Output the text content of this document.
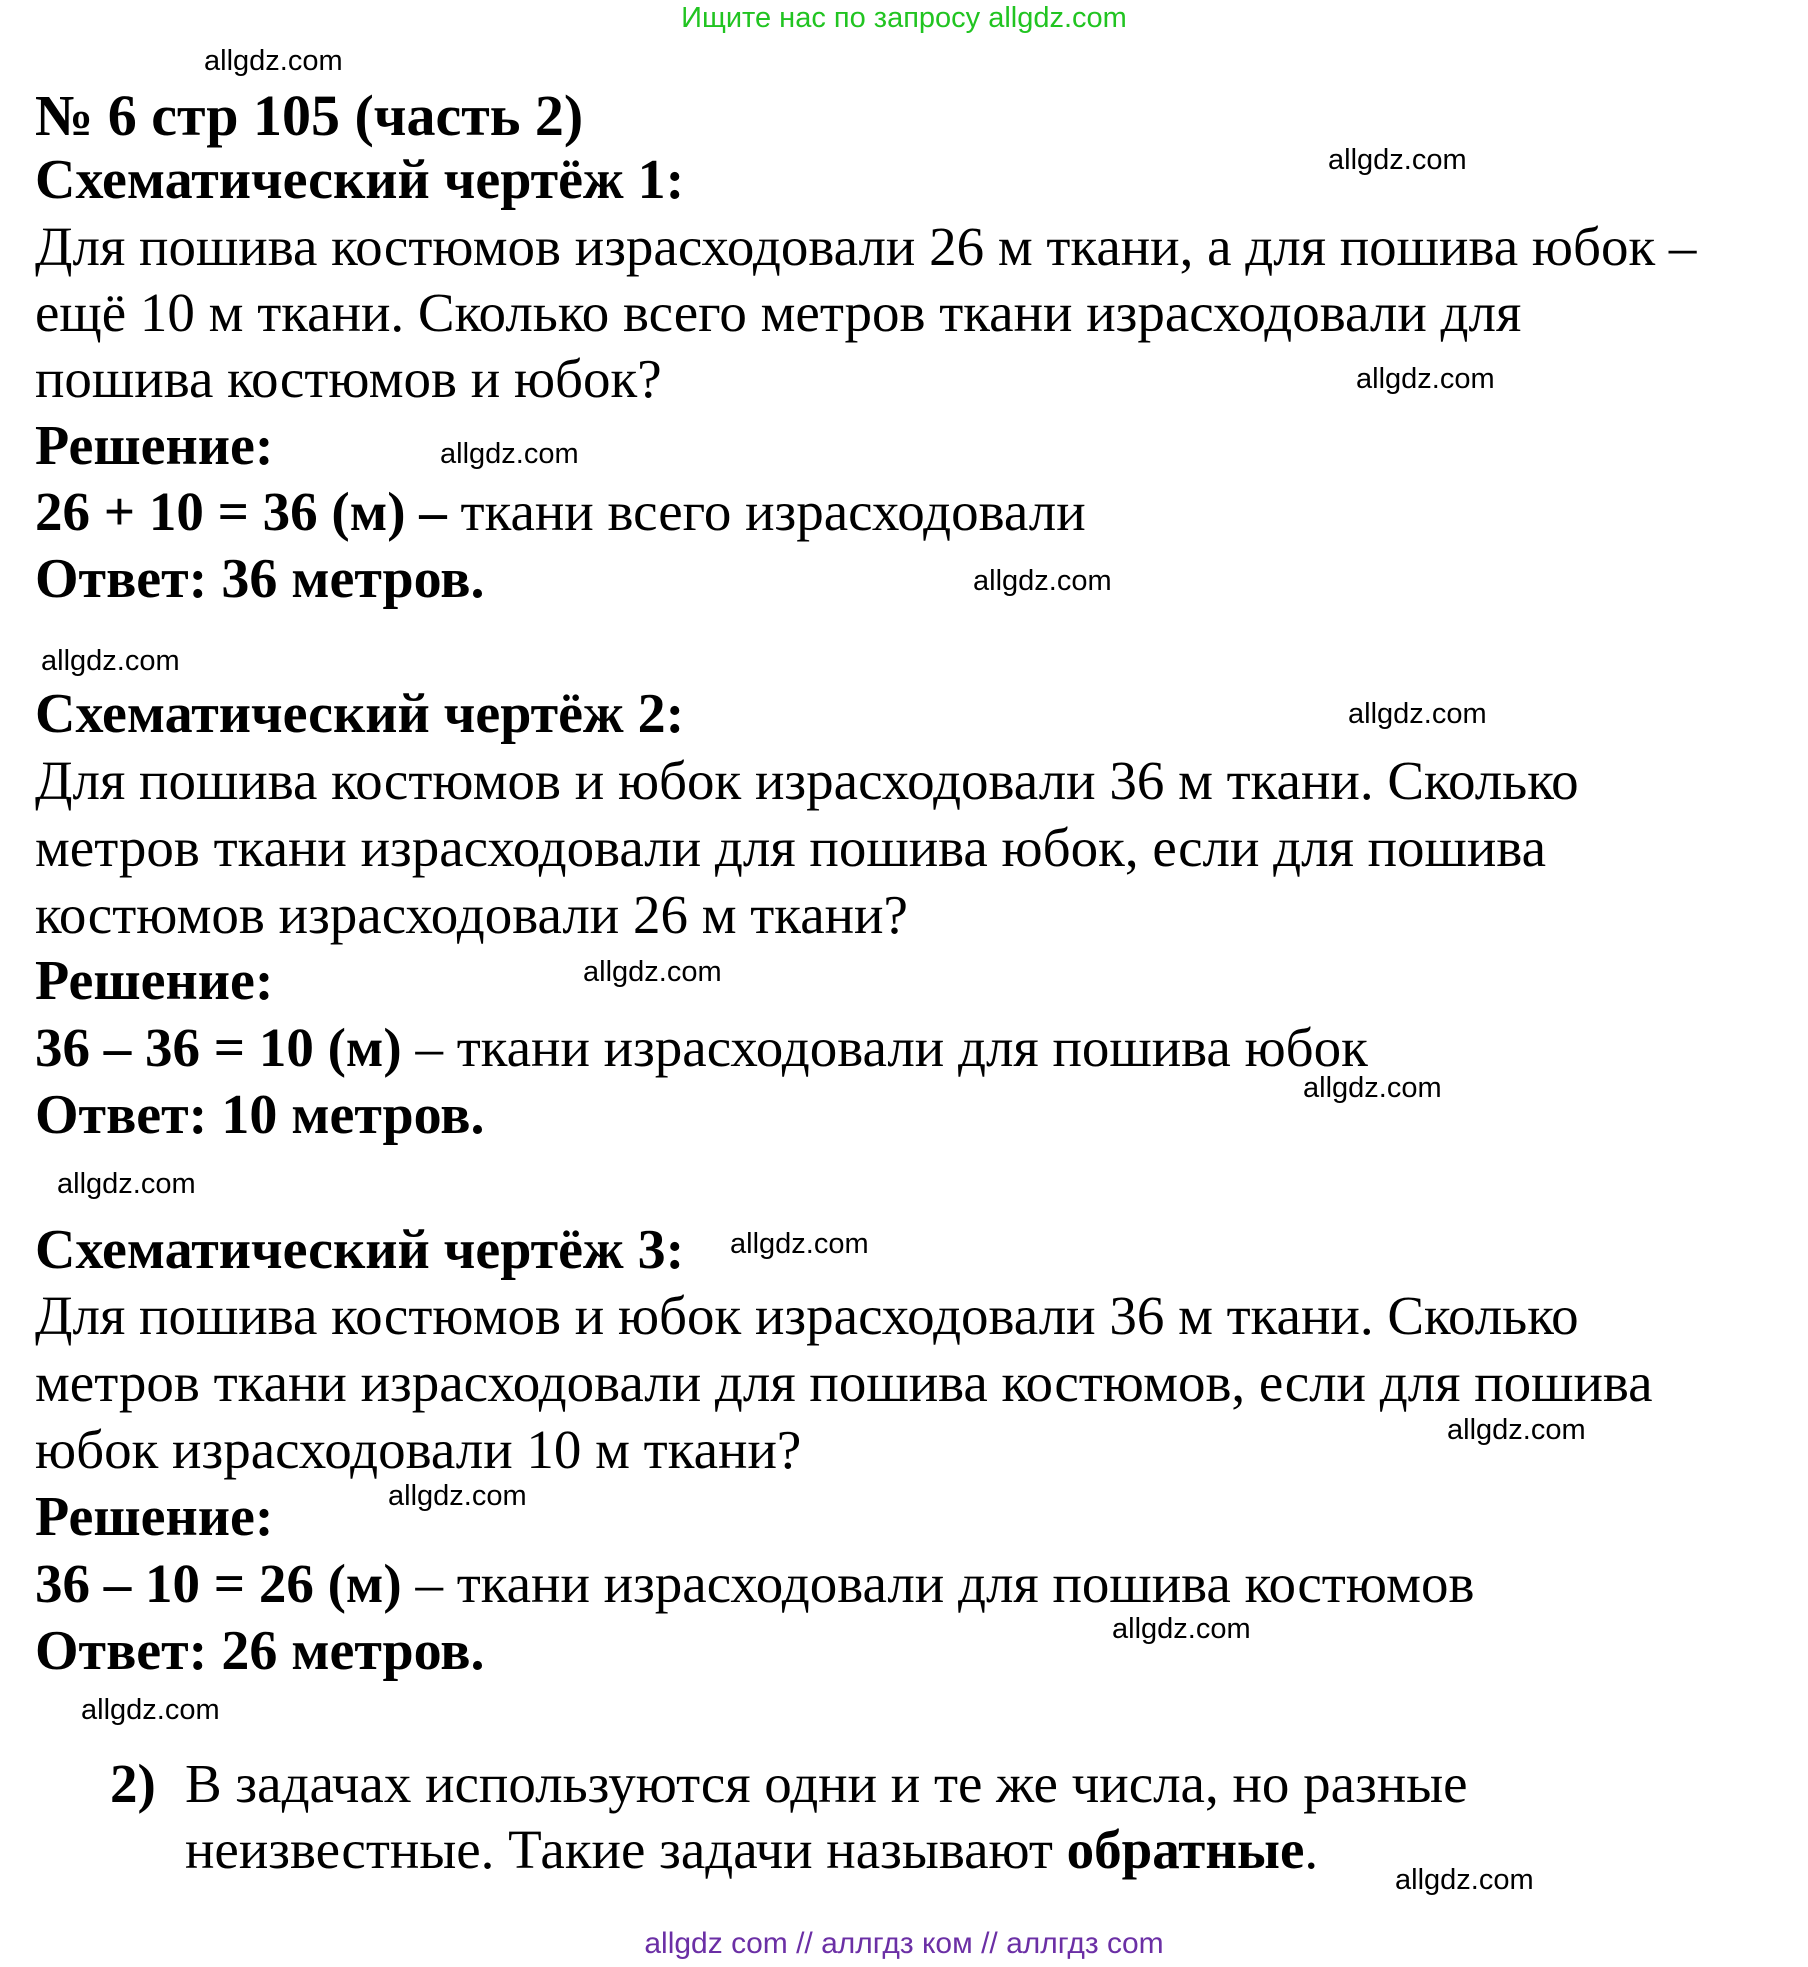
Ищите нас по запросу allgdz.com
№ 6 стр 105 (часть 2)
Схематический чертёж 1:
Для пошива костюмов израсходовали 26 м ткани, а для пошива юбок –
ещё 10 м ткани. Сколько всего метров ткани израсходовали для
пошива костюмов и юбок?
Решение:
26 + 10 = 36 (м) – ткани всего израсходовали
Ответ: 36 метров.
Схематический чертёж 2:
Для пошива костюмов и юбок израсходовали 36 м ткани. Сколько
метров ткани израсходовали для пошива юбок, если для пошива
костюмов израсходовали 26 м ткани?
Решение:
36 – 36 = 10 (м) – ткани израсходовали для пошива юбок
Ответ: 10 метров.
Схематический чертёж 3:
Для пошива костюмов и юбок израсходовали 36 м ткани. Сколько
метров ткани израсходовали для пошива костюмов, если для пошива
юбок израсходовали 10 м ткани?
Решение:
36 – 10 = 26 (м) – ткани израсходовали для пошива костюмов
Ответ: 26 метров.
2) В задачах используются одни и те же числа, но разные
неизвестные. Такие задачи называют обратные.
allgdz.com
allgdz.com
allgdz.com
allgdz.com
allgdz.com
allgdz.com
allgdz.com
allgdz.com
allgdz.com
allgdz.com
allgdz.com
allgdz.com
allgdz.com
allgdz.com
allgdz.com
allgdz.com
allgdz com // аллгдз ком // аллгдз com
